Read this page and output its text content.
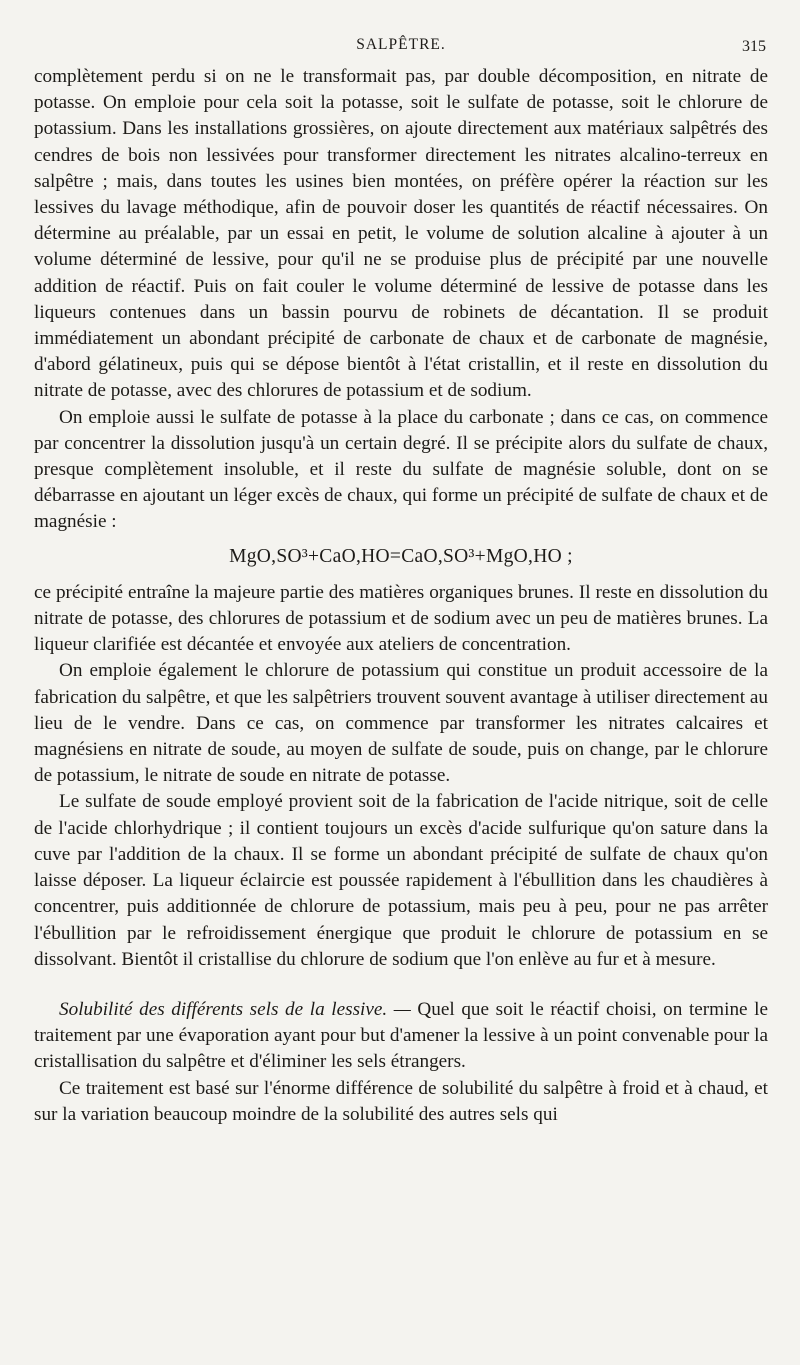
SALPÊTRE.	315

complètement perdu si on ne le transformait pas, par double décomposition, en nitrate de potasse. On emploie pour cela soit la potasse, soit le sulfate de potasse, soit le chlorure de potassium. Dans les installations grossières, on ajoute directement aux matériaux salpêtrés des cendres de bois non lessivées pour transformer directement les nitrates alcalino-terreux en salpêtre ; mais, dans toutes les usines bien montées, on préfère opérer la réaction sur les lessives du lavage méthodique, afin de pouvoir doser les quantités de réactif nécessaires. On détermine au préalable, par un essai en petit, le volume de solution alcaline à ajouter à un volume déterminé de lessive, pour qu'il ne se produise plus de précipité par une nouvelle addition de réactif. Puis on fait couler le volume déterminé de lessive de potasse dans les liqueurs contenues dans un bassin pourvu de robinets de décantation. Il se produit immédiatement un abondant précipité de carbonate de chaux et de carbonate de magnésie, d'abord gélatineux, puis qui se dépose bientôt à l'état cristallin, et il reste en dissolution du nitrate de potasse, avec des chlorures de potassium et de sodium.

On emploie aussi le sulfate de potasse à la place du carbonate ; dans ce cas, on commence par concentrer la dissolution jusqu'à un certain degré. Il se précipite alors du sulfate de chaux, presque complètement insoluble, et il reste du sulfate de magnésie soluble, dont on se débarrasse en ajoutant un léger excès de chaux, qui forme un précipité de sulfate de chaux et de magnésie :

MgO,SO³+CaO,HO=CaO,SO³+MgO,HO ;

ce précipité entraîne la majeure partie des matières organiques brunes. Il reste en dissolution du nitrate de potasse, des chlorures de potassium et de sodium avec un peu de matières brunes. La liqueur clarifiée est décantée et envoyée aux ateliers de concentration.

On emploie également le chlorure de potassium qui constitue un produit accessoire de la fabrication du salpêtre, et que les salpêtriers trouvent souvent avantage à utiliser directement au lieu de le vendre. Dans ce cas, on commence par transformer les nitrates calcaires et magnésiens en nitrate de soude, au moyen de sulfate de soude, puis on change, par le chlorure de potassium, le nitrate de soude en nitrate de potasse.

Le sulfate de soude employé provient soit de la fabrication de l'acide nitrique, soit de celle de l'acide chlorhydrique ; il contient toujours un excès d'acide sulfurique qu'on sature dans la cuve par l'addition de la chaux. Il se forme un abondant précipité de sulfate de chaux qu'on laisse déposer. La liqueur éclaircie est poussée rapidement à l'ébullition dans les chaudières à concentrer, puis additionnée de chlorure de potassium, mais peu à peu, pour ne pas arrêter l'ébullition par le refroidissement énergique que produit le chlorure de potassium en se dissolvant. Bientôt il cristallise du chlorure de sodium que l'on enlève au fur et à mesure.

Solubilité des différents sels de la lessive. — Quel que soit le réactif choisi, on termine le traitement par une évaporation ayant pour but d'amener la lessive à un point convenable pour la cristallisation du salpêtre et d'éliminer les sels étrangers.

Ce traitement est basé sur l'énorme différence de solubilité du salpêtre à froid et à chaud, et sur la variation beaucoup moindre de la solubilité des autres sels qui
